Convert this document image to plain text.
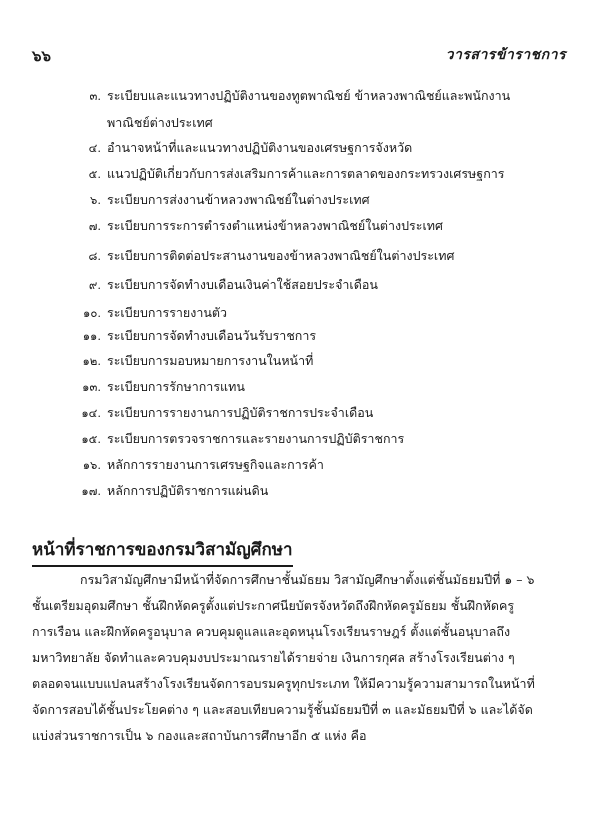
๖๖	วารสารข้าราชการ
๓. ระเบียบและแนวทางปฏิบัติงานของทูตพาณิชย์ ข้าหลวงพาณิชย์และพนักงาน
พาณิชย์ต่างประเทศ
๔. อำนาจหน้าที่และแนวทางปฏิบัติงานของเศรษฐการจังหวัด
๕. แนวปฏิบัติเกี่ยวกับการส่งเสริมการค้าและการตลาดของกระทรวงเศรษฐการ
๖. ระเบียบการส่งงานข้าหลวงพาณิชย์ในต่างประเทศ
๗. ระเบียบการระการตำรงตำแหน่งข้าหลวงพาณิชย์ในต่างประเทศ
๘. ระเบียบการติดต่อประสานงานของข้าหลวงพาณิชย์ในต่างประเทศ
๙. ระเบียบการจัดทำงบเดือนเงินค่าใช้สอยประจำเดือน
๑๐. ระเบียบการรายงานตัว
๑๑. ระเบียบการจัดทำงบเดือนวันรับราชการ
๑๒. ระเบียบการมอบหมายการงานในหน้าที่
๑๓. ระเบียบการรักษาการแทน
๑๔. ระเบียบการรายงานการปฏิบัติราชการประจำเดือน
๑๕. ระเบียบการตรวจราชการและรายงานการปฏิบัติราชการ
๑๖. หลักการรายงานการเศรษฐกิจและการค้า
๑๗. หลักการปฏิบัติราชการแผ่นดิน
หน้าที่ราชการของกรมวิสามัญศึกษา
กรมวิสามัญศึกษามีหน้าที่จัดการศึกษาชั้นมัธยม วิสามัญศึกษาตั้งแต่ชั้นมัธยมปีที่ ๑ – ๖
ชั้นเตรียมอุดมศึกษา ชั้นฝึกหัดครูตั้งแต่ประกาศนียบัตรจังหวัดถึงฝึกหัดครูมัธยม ชั้นฝึกหัดครู
การเรือน และฝึกหัดครูอนุบาล ควบคุมดูแลและอุดหนุนโรงเรียนราษฎร์ ตั้งแต่ชั้นอนุบาลถึง
มหาวิทยาลัย จัดทำและควบคุมงบประมาณรายได้รายจ่าย เงินการกุศล สร้างโรงเรียนต่าง ๆ
ตลอดจนแบบแปลนสร้างโรงเรียนจัดการอบรมครูทุกประเภท ให้มีความรู้ความสามารถในหน้าที่
จัดการสอบได้ชั้นประโยคต่าง ๆ และสอบเทียบความรู้ชั้นมัธยมปีที่ ๓ และมัธยมปีที่ ๖ และได้จัด
แบ่งส่วนราชการเป็น ๖ กองและสถาบันการศึกษาอีก ๕ แห่ง คือ
